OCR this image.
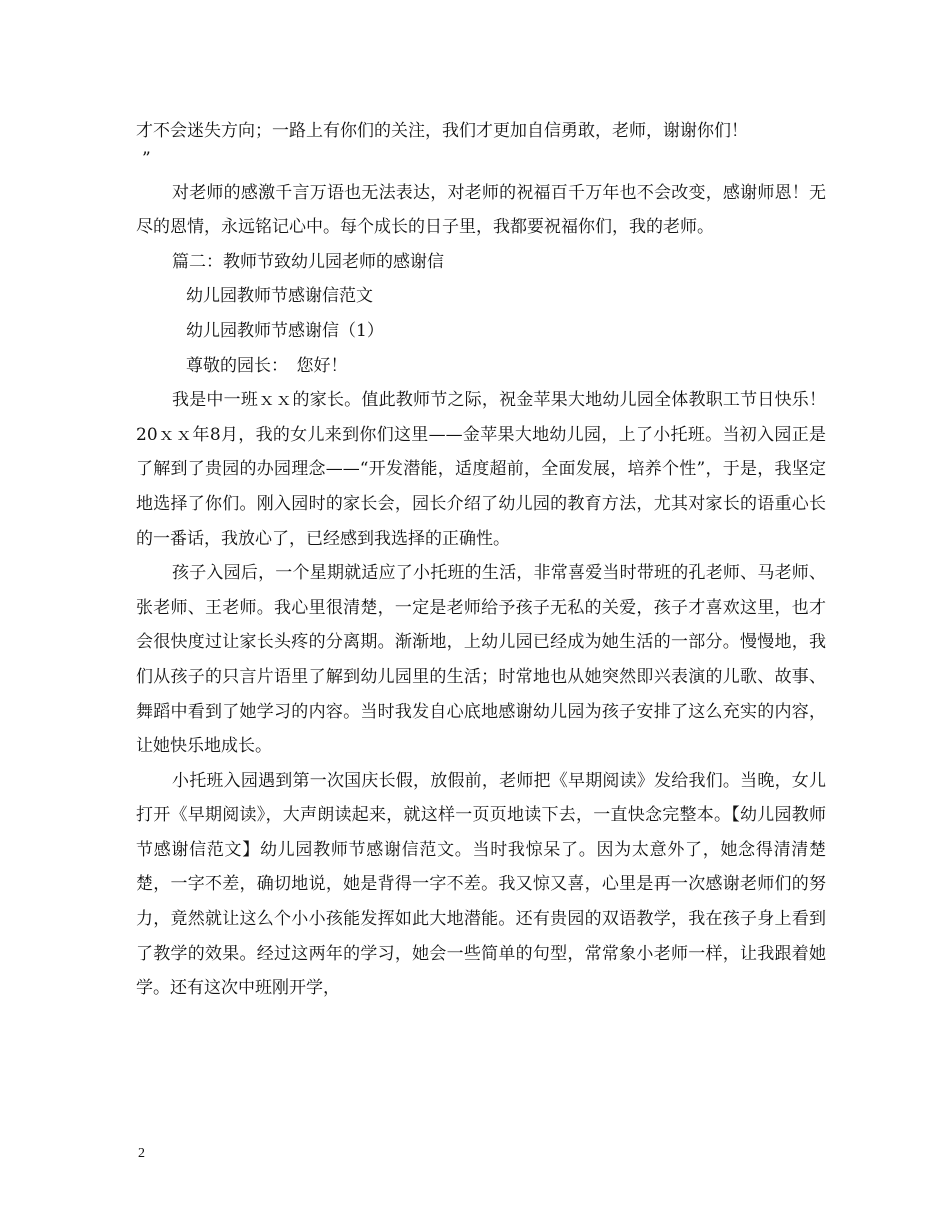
才不会迷失方向；一路上有你们的关注，我们才更加自信勇敢，老师，谢谢你们！

”

对老师的感激千言万语也无法表达，对老师的祝福百千万年也不会改变，感谢师恩！无尽的恩情，永远铭记心中。每个成长的日子里，我都要祝福你们，我的老师。

篇二：教师节致幼儿园老师的感谢信

幼儿园教师节感谢信范文

幼儿园教师节感谢信（1）

尊敬的园长：　您好！

我是中一班ｘｘ的家长。值此教师节之际，祝金苹果大地幼儿园全体教职工节日快乐！20ｘｘ年8月，我的女儿来到你们这里——金苹果大地幼儿园，上了小托班。当初入园正是了解到了贵园的办园理念——“开发潜能，适度超前，全面发展，培养个性”，于是，我坚定地选择了你们。刚入园时的家长会，园长介绍了幼儿园的教育方法，尤其对家长的语重心长的一番话，我放心了，已经感到我选择的正确性。

孩子入园后，一个星期就适应了小托班的生活，非常喜爱当时带班的孔老师、马老师、张老师、王老师。我心里很清楚，一定是老师给予孩子无私的关爱，孩子才喜欢这里，也才会很快度过让家长头疼的分离期。渐渐地，上幼儿园已经成为她生活的一部分。慢慢地，我们从孩子的只言片语里了解到幼儿园里的生活；时常地也从她突然即兴表演的儿歌、故事、舞蹈中看到了她学习的内容。当时我发自心底地感谢幼儿园为孩子安排了这么充实的内容，让她快乐地成长。

小托班入园遇到第一次国庆长假，放假前，老师把《早期阅读》发给我们。当晚，女儿打开《早期阅读》，大声朗读起来，就这样一页页地读下去，一直快念完整本。【幼儿园教师节感谢信范文】幼儿园教师节感谢信范文。当时我惊呆了。因为太意外了，她念得清清楚楚，一字不差，确切地说，她是背得一字不差。我又惊又喜，心里是再一次感谢老师们的努力，竟然就让这么个小小孩能发挥如此大地潜能。还有贵园的双语教学，我在孩子身上看到了教学的效果。经过这两年的学习，她会一些简单的句型，常常象小老师一样，让我跟着她学。还有这次中班刚开学，

2
